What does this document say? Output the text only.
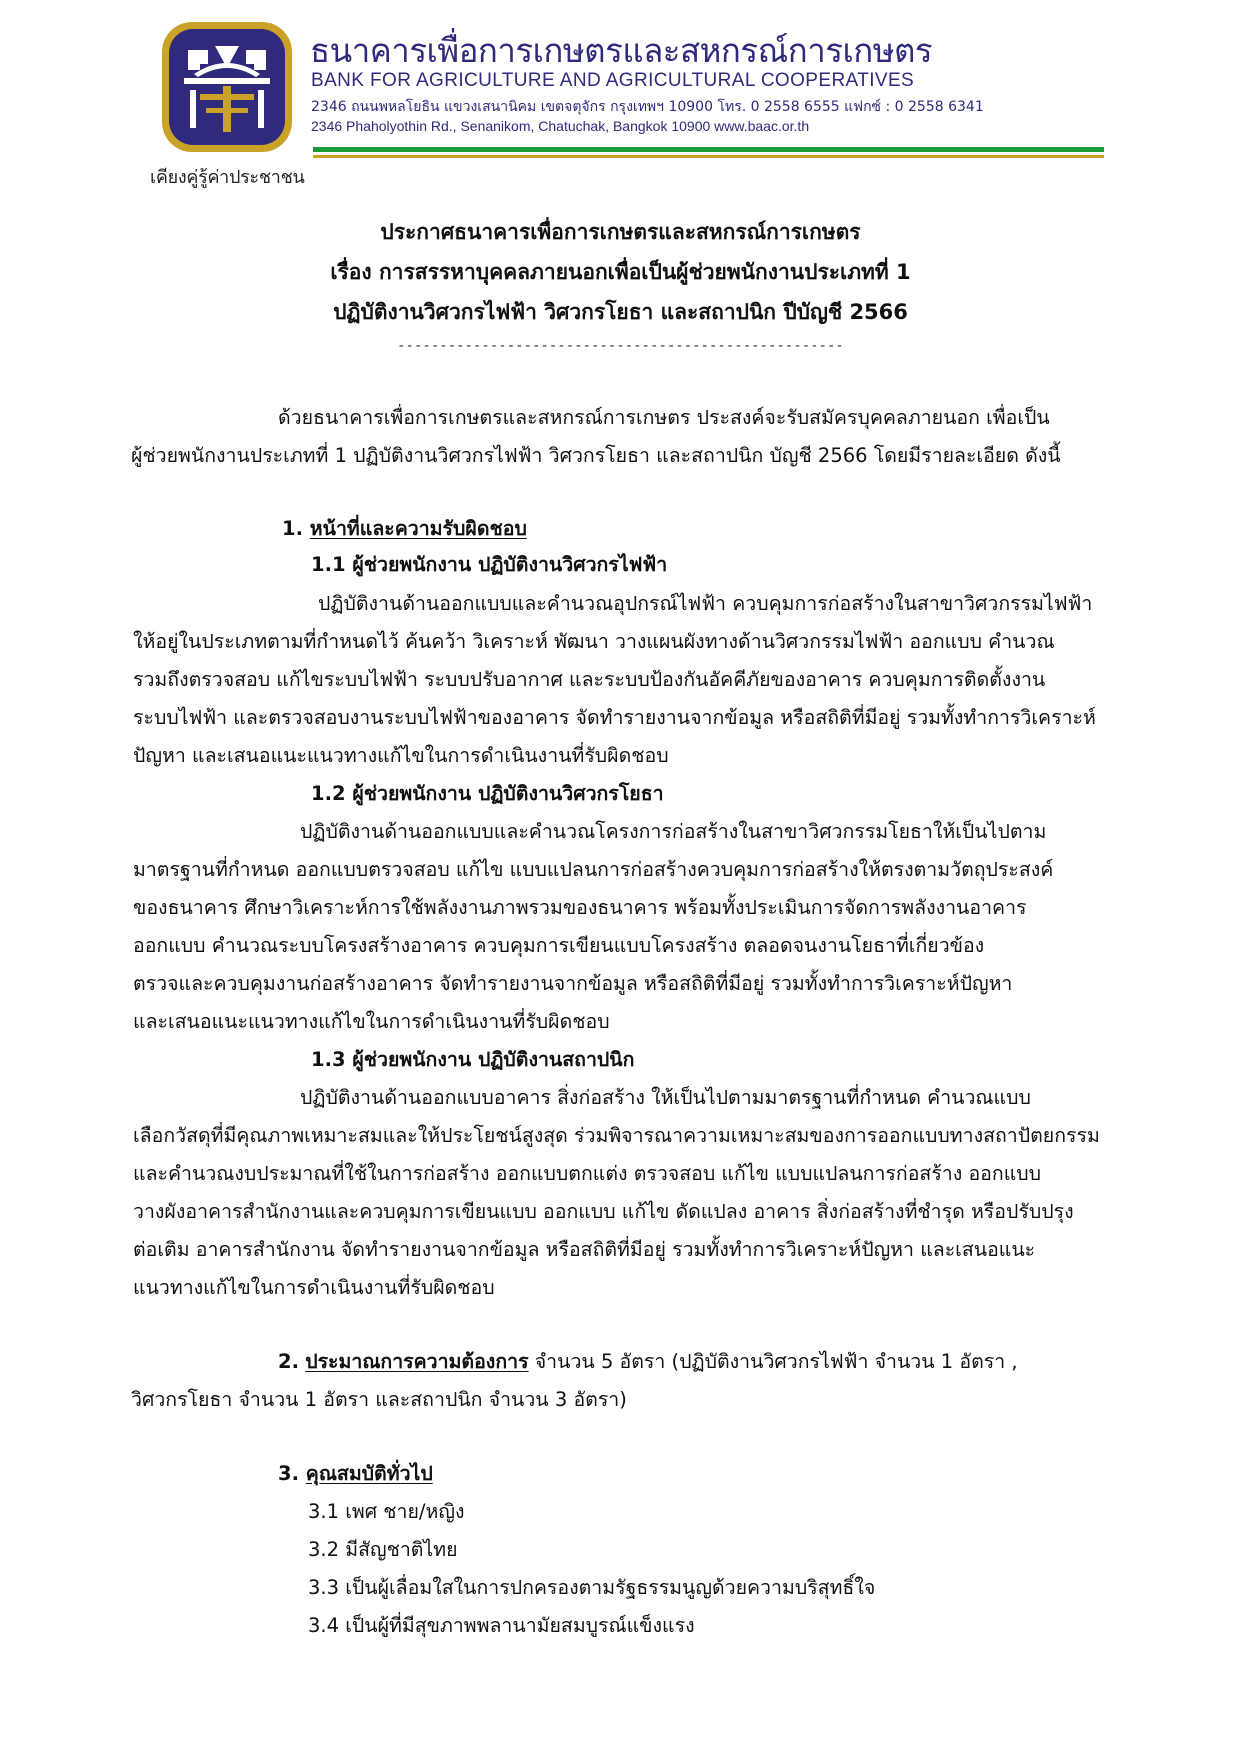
เคียงคู่รู้ค่าประชาชน
ธนาคารเพื่อการเกษตรและสหกรณ์การเกษตร
BANK FOR AGRICULTURE AND AGRICULTURAL COOPERATIVES
2346 ถนนพหลโยธิน แขวงเสนานิคม เขตจตุจักร กรุงเทพฯ 10900 โทร. 0 2558 6555 แฟกซ์ : 0 2558 6341
2346 Phaholyothin Rd., Senanikom, Chatuchak, Bangkok 10900 www.baac.or.th
ประกาศธนาคารเพื่อการเกษตรและสหกรณ์การเกษตร
เรื่อง การสรรหาบุคคลภายนอกเพื่อเป็นผู้ช่วยพนักงานประเภทที่ 1
ปฏิบัติงานวิศวกรไฟฟ้า วิศวกรโยธา และสถาปนิก ปีบัญชี 2566
-----------------------------------------------------
ด้วยธนาคารเพื่อการเกษตรและสหกรณ์การเกษตร ประสงค์จะรับสมัครบุคคลภายนอก เพื่อเป็น
ผู้ช่วยพนักงานประเภทที่ 1 ปฏิบัติงานวิศวกรไฟฟ้า วิศวกรโยธา และสถาปนิก บัญชี 2566 โดยมีรายละเอียด ดังนี้
1. หน้าที่และความรับผิดชอบ
1.1 ผู้ช่วยพนักงาน ปฏิบัติงานวิศวกรไฟฟ้า
ปฏิบัติงานด้านออกแบบและคำนวณอุปกรณ์ไฟฟ้า ควบคุมการก่อสร้างในสาขาวิศวกรรมไฟฟ้า
ให้อยู่ในประเภทตามที่กำหนดไว้ ค้นคว้า วิเคราะห์ พัฒนา วางแผนผังทางด้านวิศวกรรมไฟฟ้า ออกแบบ คำนวณ
รวมถึงตรวจสอบ แก้ไขระบบไฟฟ้า ระบบปรับอากาศ และระบบป้องกันอัคคีภัยของอาคาร ควบคุมการติดตั้งงาน
ระบบไฟฟ้า และตรวจสอบงานระบบไฟฟ้าของอาคาร จัดทำรายงานจากข้อมูล หรือสถิติที่มีอยู่ รวมทั้งทำการวิเคราะห์
ปัญหา และเสนอแนะแนวทางแก้ไขในการดำเนินงานที่รับผิดชอบ
1.2 ผู้ช่วยพนักงาน ปฏิบัติงานวิศวกรโยธา
ปฏิบัติงานด้านออกแบบและคำนวณโครงการก่อสร้างในสาขาวิศวกรรมโยธาให้เป็นไปตาม
มาตรฐานที่กำหนด ออกแบบตรวจสอบ แก้ไข แบบแปลนการก่อสร้างควบคุมการก่อสร้างให้ตรงตามวัตถุประสงค์
ของธนาคาร ศึกษาวิเคราะห์การใช้พลังงานภาพรวมของธนาคาร พร้อมทั้งประเมินการจัดการพลังงานอาคาร
ออกแบบ คำนวณระบบโครงสร้างอาคาร ควบคุมการเขียนแบบโครงสร้าง ตลอดจนงานโยธาที่เกี่ยวข้อง
ตรวจและควบคุมงานก่อสร้างอาคาร จัดทำรายงานจากข้อมูล หรือสถิติที่มีอยู่ รวมทั้งทำการวิเคราะห์ปัญหา
และเสนอแนะแนวทางแก้ไขในการดำเนินงานที่รับผิดชอบ
1.3 ผู้ช่วยพนักงาน ปฏิบัติงานสถาปนิก
ปฏิบัติงานด้านออกแบบอาคาร สิ่งก่อสร้าง ให้เป็นไปตามมาตรฐานที่กำหนด คำนวณแบบ
เลือกวัสดุที่มีคุณภาพเหมาะสมและให้ประโยชน์สูงสุด ร่วมพิจารณาความเหมาะสมของการออกแบบทางสถาปัตยกรรม
และคำนวณงบประมาณที่ใช้ในการก่อสร้าง ออกแบบตกแต่ง ตรวจสอบ แก้ไข แบบแปลนการก่อสร้าง ออกแบบ
วางผังอาคารสำนักงานและควบคุมการเขียนแบบ ออกแบบ แก้ไข ดัดแปลง อาคาร สิ่งก่อสร้างที่ชำรุด หรือปรับปรุง
ต่อเติม อาคารสำนักงาน จัดทำรายงานจากข้อมูล หรือสถิติที่มีอยู่ รวมทั้งทำการวิเคราะห์ปัญหา และเสนอแนะ
แนวทางแก้ไขในการดำเนินงานที่รับผิดชอบ
2. ประมาณการความต้องการ จำนวน 5 อัตรา (ปฏิบัติงานวิศวกรไฟฟ้า จำนวน 1 อัตรา ,
วิศวกรโยธา จำนวน 1 อัตรา และสถาปนิก จำนวน 3 อัตรา)
3. คุณสมบัติทั่วไป
3.1 เพศ ชาย/หญิง
3.2 มีสัญชาติไทย
3.3 เป็นผู้เลื่อมใสในการปกครองตามรัฐธรรมนูญด้วยความบริสุทธิ์ใจ
3.4 เป็นผู้ที่มีสุขภาพพลานามัยสมบูรณ์แข็งแรง
